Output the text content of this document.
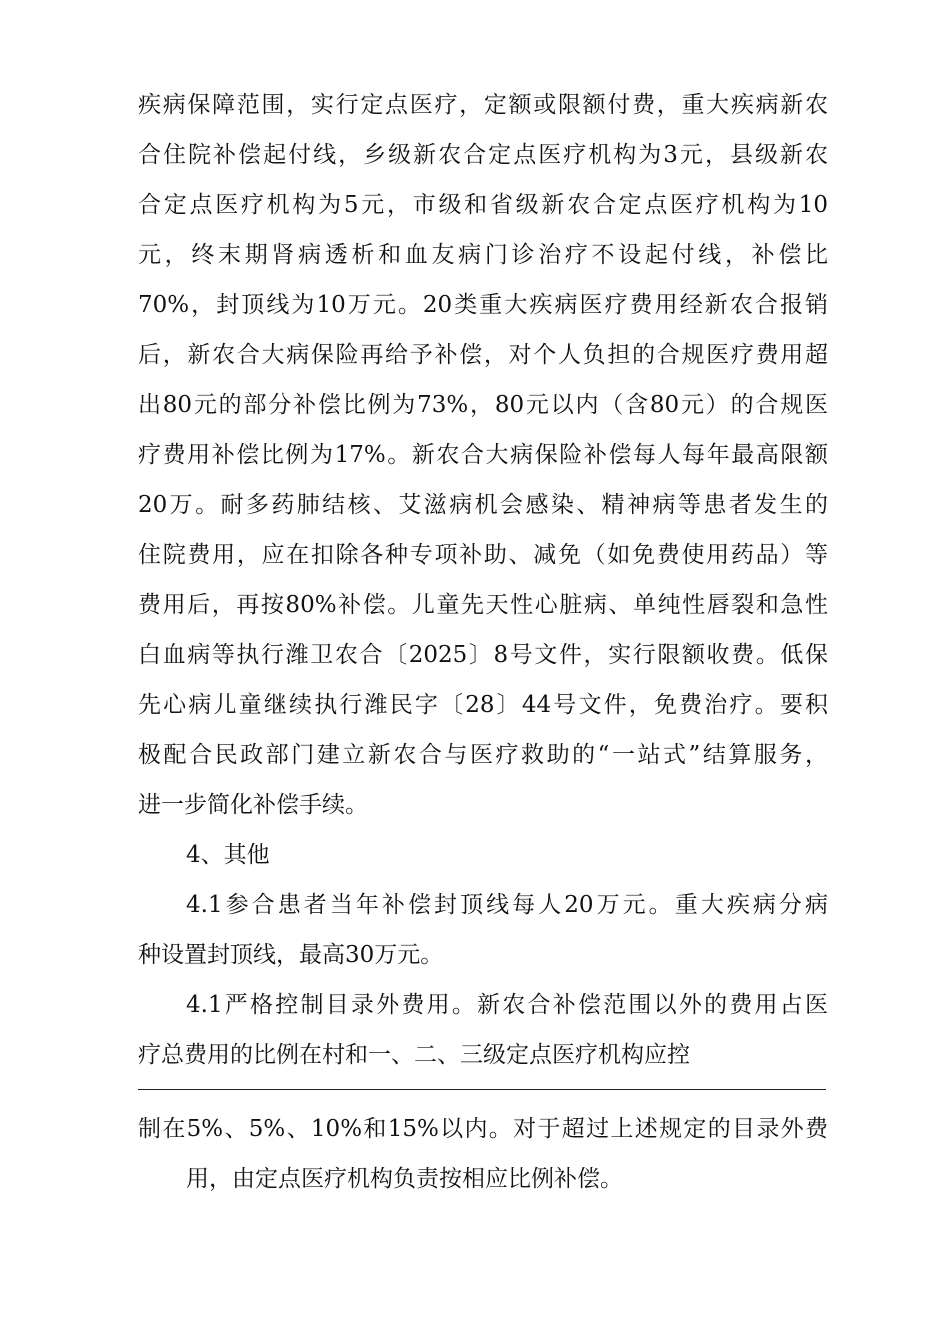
疾病保障范围，实行定点医疗，定额或限额付费，重大疾病新农
合住院补偿起付线，乡级新农合定点医疗机构为3元，县级新农
合定点医疗机构为5元，市级和省级新农合定点医疗机构为10
元，终末期肾病透析和血友病门诊治疗不设起付线，补偿比
70%，封顶线为10万元。20类重大疾病医疗费用经新农合报销
后，新农合大病保险再给予补偿，对个人负担的合规医疗费用超
出80元的部分补偿比例为73%，80元以内（含80元）的合规医
疗费用补偿比例为17%。新农合大病保险补偿每人每年最高限额
20万。耐多药肺结核、艾滋病机会感染、精神病等患者发生的
住院费用，应在扣除各种专项补助、减免（如免费使用药品）等
费用后，再按80%补偿。儿童先天性心脏病、单纯性唇裂和急性
白血病等执行潍卫农合〔2025〕8号文件，实行限额收费。低保
先心病儿童继续执行潍民字〔28〕44号文件，免费治疗。要积
极配合民政部门建立新农合与医疗救助的“一站式”结算服务，
进一步简化补偿手续。
4、其他
4.1参合患者当年补偿封顶线每人20万元。重大疾病分病
种设置封顶线，最高30万元。
4.1严格控制目录外费用。新农合补偿范围以外的费用占医
疗总费用的比例在村和一、二、三级定点医疗机构应控
制在5%、5%、10%和15%以内。对于超过上述规定的目录外费
用，由定点医疗机构负责按相应比例补偿。
